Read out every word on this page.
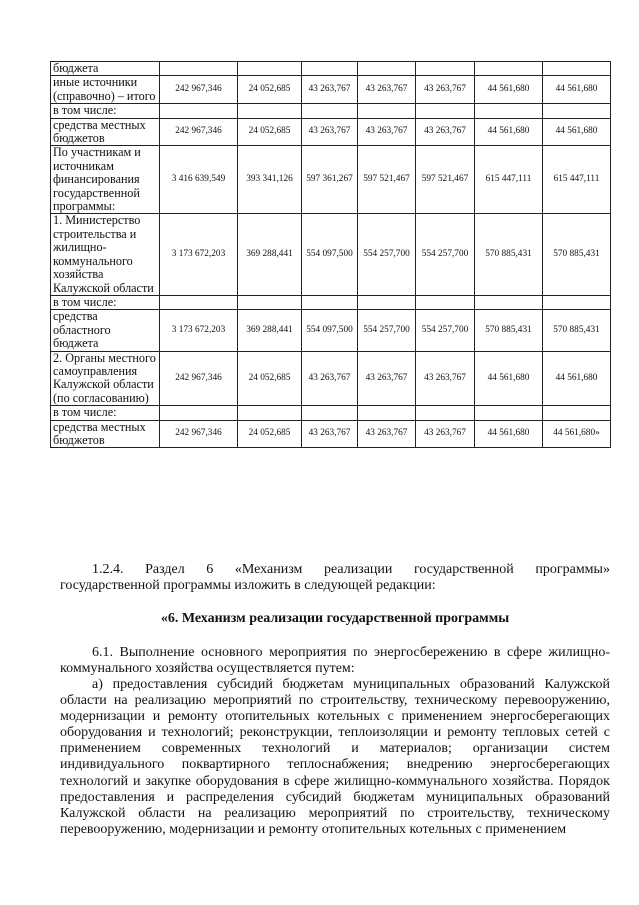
бюджета							
иные источники (справочно) – итого	242 967,346	24 052,685	43 263,767	43 263,767	43 263,767	44 561,680	44 561,680
в том числе:							
средства местных бюджетов	242 967,346	24 052,685	43 263,767	43 263,767	43 263,767	44 561,680	44 561,680
По участникам и источникам финансирования государственной программы:	3 416 639,549	393 341,126	597 361,267	597 521,467	597 521,467	615 447,111	615 447,111
1. Министерство строительства и жилищно-коммунального хозяйства Калужской области	3 173 672,203	369 288,441	554 097,500	554 257,700	554 257,700	570 885,431	570 885,431
в том числе:							
средства областного бюджета	3 173 672,203	369 288,441	554 097,500	554 257,700	554 257,700	570 885,431	570 885,431
2. Органы местного самоуправления Калужской области (по согласованию)	242 967,346	24 052,685	43 263,767	43 263,767	43 263,767	44 561,680	44 561,680
в том числе:							
средства местных бюджетов	242 967,346	24 052,685	43 263,767	43 263,767	43 263,767	44 561,680	44 561,680»
1.2.4. Раздел 6 «Механизм реализации государственной программы»
государственной программы изложить в следующей редакции:

«6. Механизм реализации государственной программы

6.1. Выполнение основного мероприятия по энергосбережению в сфере жилищно-коммунального хозяйства осуществляется путем:

а) предоставления субсидий бюджетам муниципальных образований Калужской области на реализацию мероприятий по строительству, техническому перевооружению, модернизации и ремонту отопительных котельных с применением энергосберегающих оборудования и технологий; реконструкции, теплоизоляции и ремонту тепловых сетей с применением современных технологий и материалов; организации систем индивидуального поквартирного теплоснабжения; внедрению энергосберегающих технологий и закупке оборудования в сфере жилищно-коммунального хозяйства. Порядок предоставления и распределения субсидий бюджетам муниципальных образований Калужской области на реализацию мероприятий по строительству, техническому перевооружению, модернизации и ремонту отопительных котельных с применением
